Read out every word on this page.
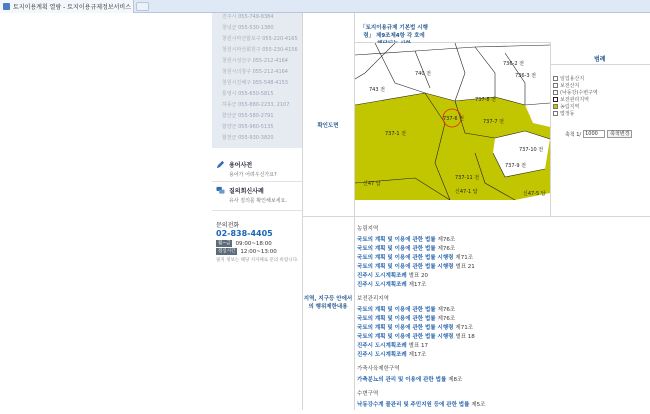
토지이용계획 열람 - 토지이용규제정보서비스
진주시 055-749-8384
창녕군 055-530-1380
창원시마산합포구 055-220-4165
창원시마산회원구 055-230-4156
창원시성산구 055-212-4164
창원시의창구 055-212-4164
창원시진해구 055-548-4153
통영시 055-650-5815
하동군 055-880-2233, 2107
함안군 055-580-2791
함양군 055-960-5135
합천군 055-930-3820
용어사전
용어가 어려우신가요?
질의회신사례
유사 질의를 확인해보세요.
문의전화
02-838-4405
월~금 09:00~18:00
점심시간 12:00~13:00
필지 정보는 해당 지자체로 문의 바랍니다.
「토지이용규제 기본법 시행령」 제9조제4항 각 호에
확인도면
740 전
736-2 전
743 전
736-3 전
737-8 전
737-6 전	737-7 전
737-1 전
737-9 전
737-10 전
737-11 전
신47 답
신47-1 답	신47-5 답
범례
임업용산지
보전산지
(낙동강)수변구역
보전관리지역
농림지역
법정동
축척 1/ 1000	축척변경
지역, 지구등 안에서의 행위제한내용
농림지역
국토의 계획 및 이용에 관한 법률 제76조
국토의 계획 및 이용에 관한 법률 제76조
국토의 계획 및 이용에 관한 법률 시행령 제71조
국토의 계획 및 이용에 관한 법률 시행령 별표 21
진주시 도시계획조례 별표 20
진주시 도시계획조례 제17조
보전관리지역
국토의 계획 및 이용에 관한 법률 제76조
국토의 계획 및 이용에 관한 법률 제76조
국토의 계획 및 이용에 관한 법률 시행령 제71조
국토의 계획 및 이용에 관한 법률 시행령 별표 18
진주시 도시계획조례 별표 17
진주시 도시계획조례 제17조
가축사육제한구역
가축분뇨의 관리 및 이용에 관한 법률 제8조
수변구역
낙동강수계 물관리 및 주민지원 등에 관한 법률 제5조
